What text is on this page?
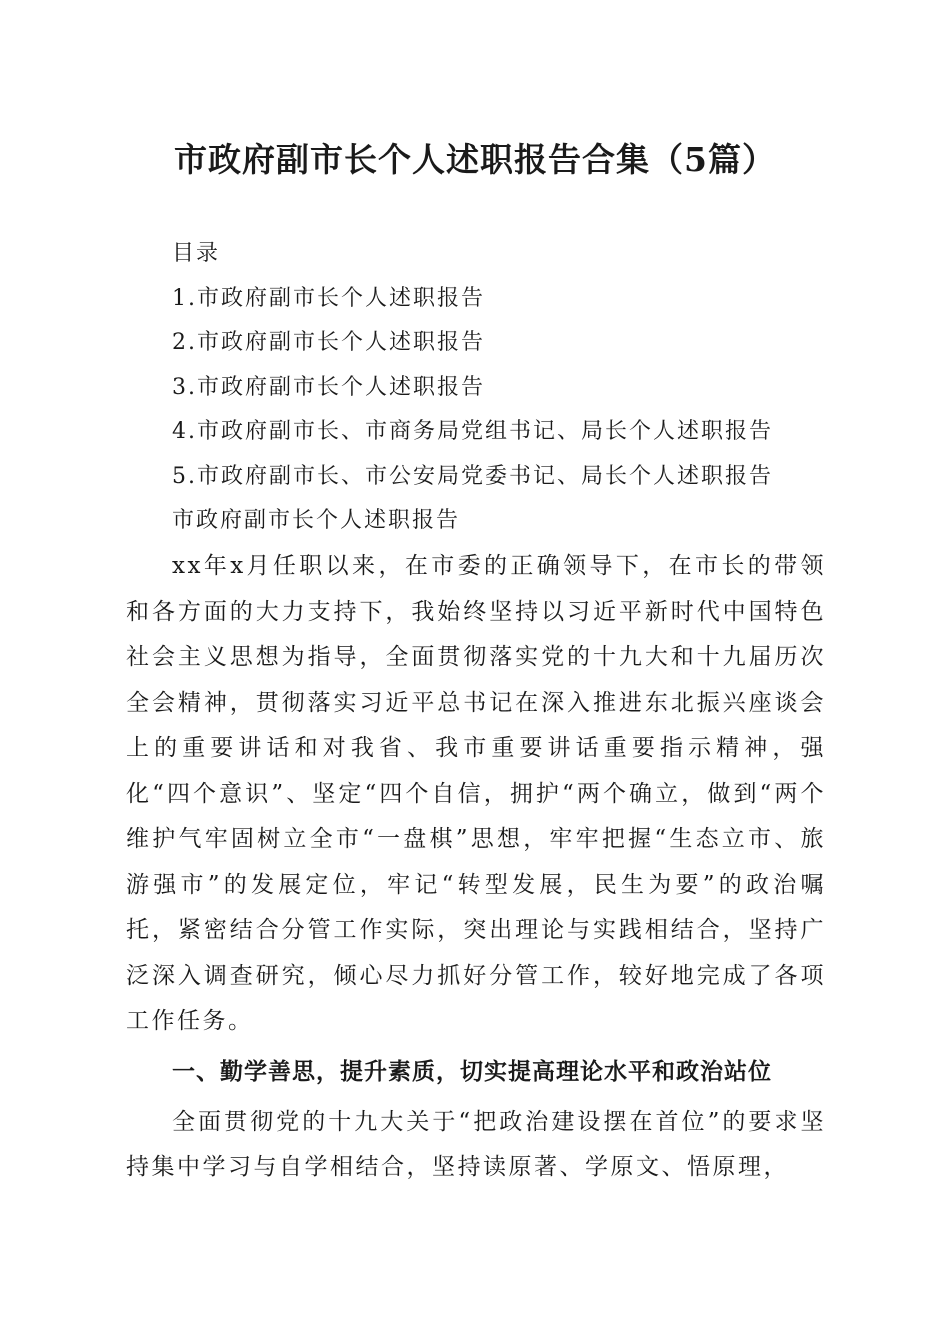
市政府副市长个人述职报告合集（5篇）
目录
1.市政府副市长个人述职报告
2.市政府副市长个人述职报告
3.市政府副市长个人述职报告
4.市政府副市长、市商务局党组书记、局长个人述职报告
5.市政府副市长、市公安局党委书记、局长个人述职报告
市政府副市长个人述职报告

xx年x月任职以来，在市委的正确领导下，在市长的带领和各方面的大力支持下，我始终坚持以习近平新时代中国特色社会主义思想为指导，全面贯彻落实党的十九大和十九届历次全会精神，贯彻落实习近平总书记在深入推进东北振兴座谈会上的重要讲话和对我省、我市重要讲话重要指示精神，强化“四个意识”、坚定“四个自信，拥护“两个确立，做到“两个维护气牢固树立全市“一盘棋”思想，牢牢把握“生态立市、旅游强市”的发展定位，牢记“转型发展，民生为要”的政治嘱托，紧密结合分管工作实际，突出理论与实践相结合，坚持广泛深入调查研究，倾心尽力抓好分管工作，较好地完成了各项工作任务。

一、勤学善思，提升素质，切实提高理论水平和政治站位

全面贯彻党的十九大关于“把政治建设摆在首位”的要求坚持集中学习与自学相结合，坚持读原著、学原文、悟原理，
